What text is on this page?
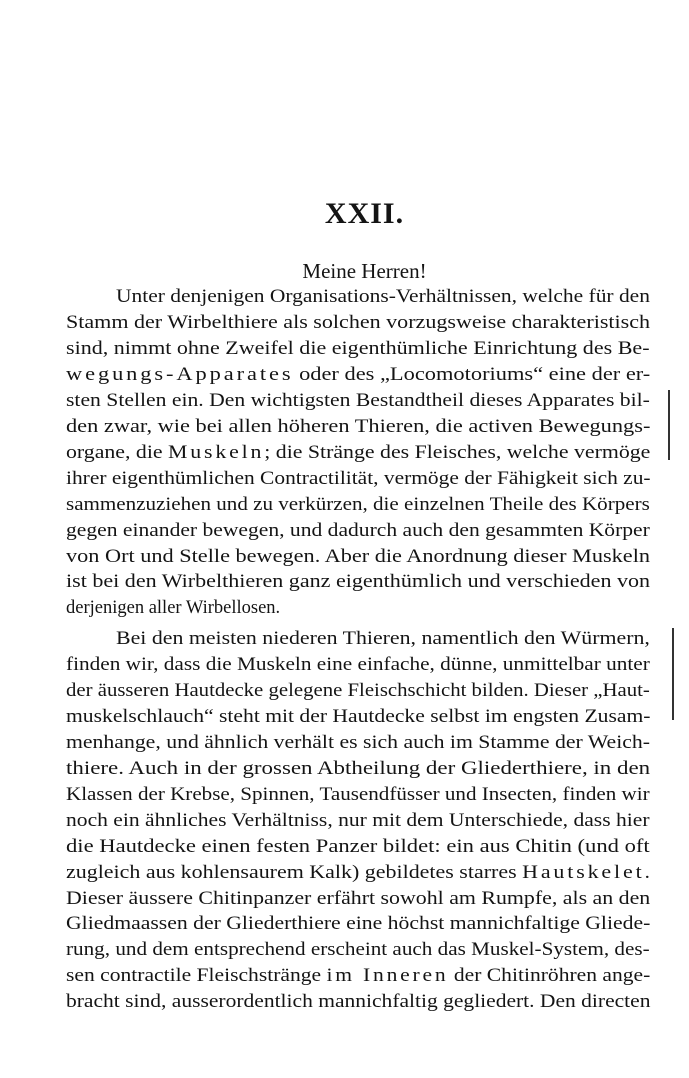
XXII.
Meine Herren!
Unter denjenigen Organisations-Verhältnissen, welche für den
Stamm der Wirbelthiere als solchen vorzugsweise charakteristisch
sind, nimmt ohne Zweifel die eigenthümliche Einrichtung des Be-
wegungs-Apparates oder des „Locomotoriums“ eine der er-
sten Stellen ein. Den wichtigsten Bestandtheil dieses Apparates bil-
den zwar, wie bei allen höheren Thieren, die activen Bewegungs-
organe, die Muskeln; die Stränge des Fleisches, welche vermöge
ihrer eigenthümlichen Contractilität, vermöge der Fähigkeit sich zu-
sammenzuziehen und zu verkürzen, die einzelnen Theile des Körpers
gegen einander bewegen, und dadurch auch den gesammten Körper
von Ort und Stelle bewegen. Aber die Anordnung dieser Muskeln
ist bei den Wirbelthieren ganz eigenthümlich und verschieden von
derjenigen aller Wirbellosen.
Bei den meisten niederen Thieren, namentlich den Würmern,
finden wir, dass die Muskeln eine einfache, dünne, unmittelbar unter
der äusseren Hautdecke gelegene Fleischschicht bilden. Dieser „Haut-
muskelschlauch“ steht mit der Hautdecke selbst im engsten Zusam-
menhange, und ähnlich verhält es sich auch im Stamme der Weich-
thiere. Auch in der grossen Abtheilung der Gliederthiere, in den
Klassen der Krebse, Spinnen, Tausendfüsser und Insecten, finden wir
noch ein ähnliches Verhältniss, nur mit dem Unterschiede, dass hier
die Hautdecke einen festen Panzer bildet: ein aus Chitin (und oft
zugleich aus kohlensaurem Kalk) gebildetes starres Hautskelet.
Dieser äussere Chitinpanzer erfährt sowohl am Rumpfe, als an den
Gliedmaassen der Gliederthiere eine höchst mannichfaltige Gliede-
rung, und dem entsprechend erscheint auch das Muskel-System, des-
sen contractile Fleischstränge im Inneren der Chitinröhren ange-
bracht sind, ausserordentlich mannichfaltig gegliedert. Den directen
